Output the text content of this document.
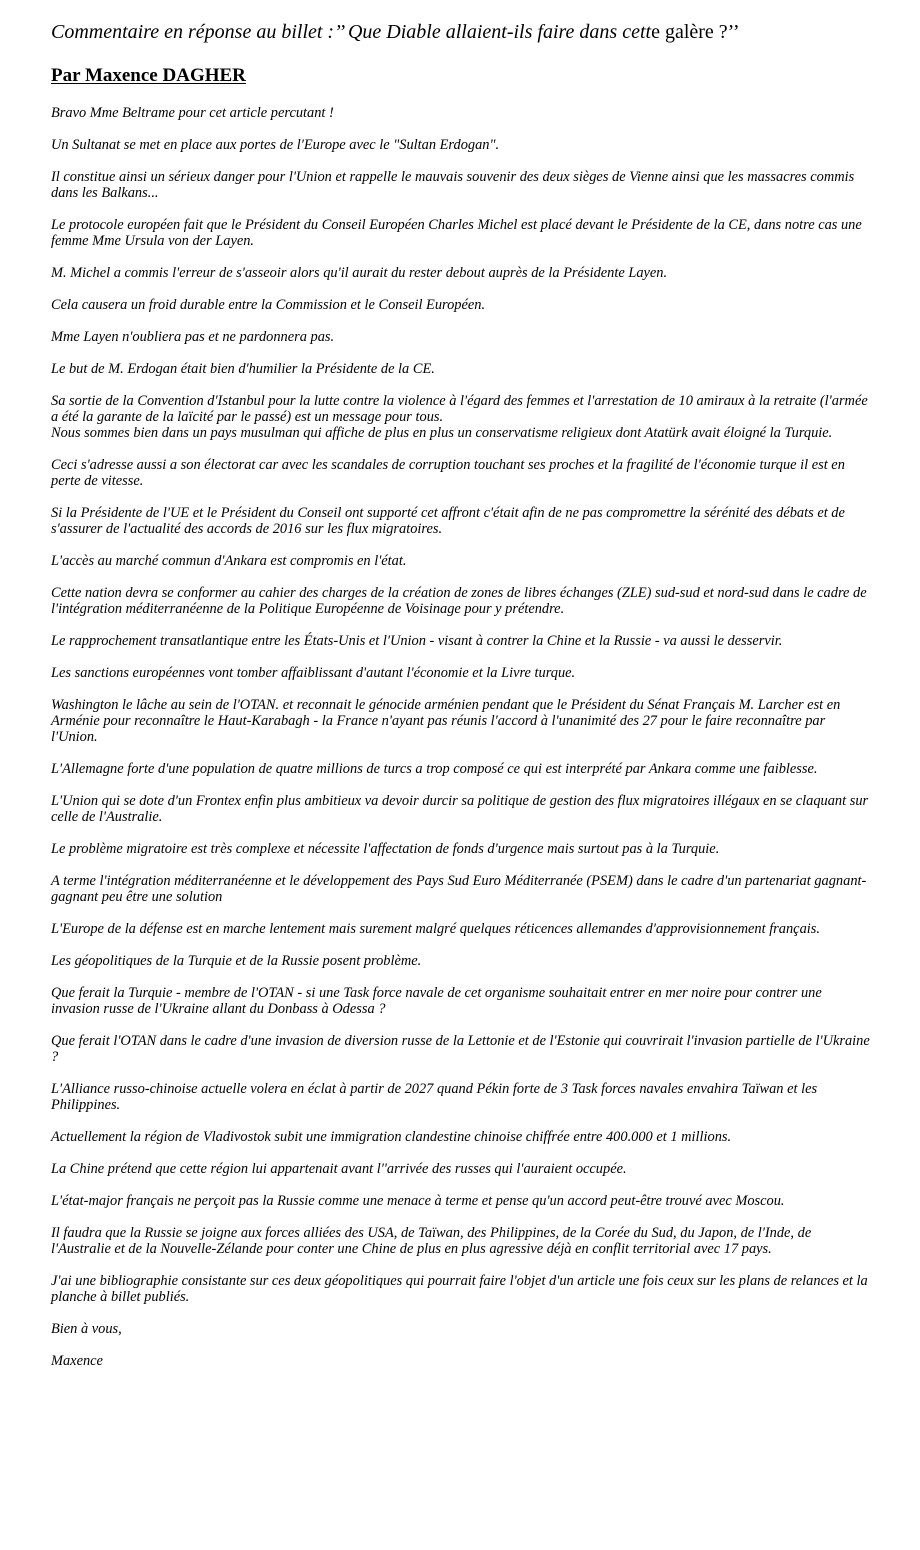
Commentaire en réponse au billet :’’ Que Diable allaient-ils faire dans cette galère ?’’
Par Maxence DAGHER

Bravo Mme Beltrame pour cet article percutant !

Un Sultanat se met en place aux portes de l'Europe avec le "Sultan Erdogan".

Il constitue ainsi un sérieux danger pour l'Union et rappelle le mauvais souvenir des deux sièges de Vienne ainsi que les massacres commis dans les Balkans...

Le protocole européen fait que le Président du Conseil Européen Charles Michel est placé devant le Présidente de la CE, dans notre cas une femme Mme Ursula von der Layen.

M. Michel a commis l'erreur de s'asseoir alors qu'il aurait du rester debout auprès de la Présidente Layen.

Cela causera un froid durable entre la Commission et le Conseil Européen.

Mme Layen n'oubliera pas et ne pardonnera pas.

Le but de M. Erdogan était bien d'humilier la Présidente de la CE.

Sa sortie de la Convention d'Istanbul pour la lutte contre la violence à l'égard des femmes et l'arrestation de 10 amiraux à la retraite (l'armée a été la garante de la laïcité par le passé) est un message pour tous.
Nous sommes bien dans un pays musulman qui affiche de plus en plus un conservatisme religieux dont Atatürk avait éloigné la Turquie.

Ceci s'adresse aussi a son électorat car avec les scandales de corruption touchant ses proches et la fragilité de l'économie turque il est en perte de vitesse.

Si la Présidente de l'UE et le Président du Conseil ont supporté cet affront c'était afin de ne pas compromettre la sérénité des débats et de s'assurer de l'actualité des accords de 2016 sur les flux migratoires.

L'accès au marché commun d'Ankara est compromis en l'état.

Cette nation devra se conformer au cahier des charges de la création de zones de libres échanges (ZLE) sud-sud et nord-sud dans le cadre de l'intégration méditerranéenne de la Politique Européenne de Voisinage pour y prétendre.

Le rapprochement transatlantique entre les États-Unis et l'Union - visant à contrer la Chine et la Russie - va aussi le desservir.

Les sanctions européennes vont tomber affaiblissant d'autant l'économie et la Livre turque.

Washington le lâche au sein de l'OTAN. et reconnait le génocide arménien pendant que le Président du Sénat Français M. Larcher est en Arménie pour reconnaître le Haut-Karabagh - la France n'ayant pas réunis l'accord à l'unanimité des 27 pour le faire reconnaître par l'Union.

L'Allemagne forte d'une population de quatre millions de turcs a trop composé ce qui est interprété par Ankara comme une faiblesse.

L'Union qui se dote d'un Frontex enfin plus ambitieux va devoir durcir sa politique de gestion des flux migratoires illégaux en se claquant sur celle de l'Australie.

Le problème migratoire est très complexe et nécessite l'affectation de fonds d'urgence mais surtout pas à la Turquie.

A terme l'intégration méditerranéenne et le développement des Pays Sud Euro Méditerranée (PSEM) dans le cadre d'un partenariat gagnant-gagnant peu être une solution

L'Europe de la défense est en marche lentement mais surement malgré quelques réticences allemandes d'approvisionnement français.

Les géopolitiques de la Turquie et de la Russie posent problème.

Que ferait la Turquie - membre de l'OTAN - si une Task force navale de cet organisme souhaitait entrer en mer noire pour contrer une invasion russe de l'Ukraine allant du Donbass à Odessa ?

Que ferait l'OTAN dans le cadre d'une invasion de diversion russe de la Lettonie et de l'Estonie qui couvrirait l'invasion partielle de l'Ukraine ?

L'Alliance russo-chinoise actuelle volera en éclat à partir de 2027 quand Pékin forte de 3 Task forces navales envahira Taïwan et les Philippines.

Actuellement la région de Vladivostok subit une immigration clandestine chinoise chiffrée entre 400.000 et 1 millions.

La Chine prétend que cette région lui appartenait avant l''arrivée des russes qui l'auraient occupée.

L'état-major français ne perçoit pas la Russie comme une menace à terme et pense qu'un accord peut-être trouvé avec Moscou.

Il faudra que la Russie se joigne aux forces alliées des USA, de Taïwan, des Philippines, de la Corée du Sud, du Japon, de l'Inde, de l'Australie et de la Nouvelle-Zélande pour conter une Chine de plus en plus agressive déjà en conflit territorial avec 17 pays.

J'ai une bibliographie consistante sur ces deux géopolitiques qui pourrait faire l'objet d'un article une fois ceux sur les plans de relances et la planche à billet publiés.

Bien à vous,

Maxence
